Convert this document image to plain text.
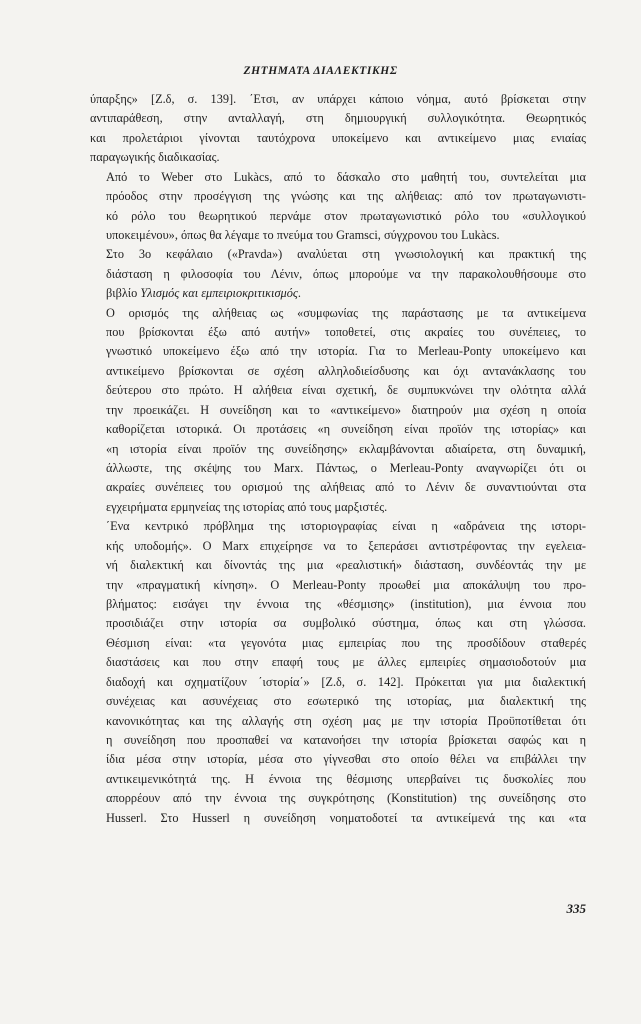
ΖΗΤΗΜΑΤΑ ΔΙΑΛΕΚΤΙΚΗΣ

ύπαρξης» [Ζ.δ, σ. 139]. ΄Ετσι, αν υπάρχει κάποιο νόημα, αυτό βρίσκεται στην
αντιπαράθεση, στην ανταλλαγή, στη δημιουργική συλλογικότητα. Θεωρητικός
και προλετάριοι γίνονται ταυτόχρονα υποκείμενο και αντικείμενο μιας ενιαίας
παραγωγικής διαδικασίας.

Από το Weber στο Lukàcs, από το δάσκαλο στο μαθητή του, συντελείται μια
πρόοδος στην προσέγγιση της γνώσης και της αλήθειας: από τον πρωταγωνιστι-
κό ρόλο του θεωρητικού περνάμε στον πρωταγωνιστικό ρόλο του «συλλογικού
υποκειμένου», όπως θα λέγαμε το πνεύμα του Gramsci, σύγχρονου του Lukàcs.

Στο 3ο κεφάλαιο («Pravda») αναλύεται στη γνωσιολογική και πρακτική της
διάσταση η φιλοσοφία του Λένιν, όπως μπορούμε να την παρακολουθήσουμε στο
βιβλίο Υλισμός και εμπειριοκριτικισμός.

Ο ορισμός της αλήθειας ως «συμφωνίας της παράστασης με τα αντικείμενα
που βρίσκονται έξω από αυτήν» τοποθετεί, στις ακραίες του συνέπειες, το
γνωστικό υποκείμενο έξω από την ιστορία. Για το Merleau-Ponty υποκείμενο και
αντικείμενο βρίσκονται σε σχέση αλληλοδιείσδυσης και όχι αντανάκλασης του
δεύτερου στο πρώτο. Η αλήθεια είναι σχετική, δε συμπυκνώνει την ολότητα αλλά
την προεικάζει. Η συνείδηση και το «αντικείμενο» διατηρούν μια σχέση η οποία
καθορίζεται ιστορικά. Οι προτάσεις «η συνείδηση είναι προϊόν της ιστορίας» και
«η ιστορία είναι προϊόν της συνείδησης» εκλαμβάνονται αδιαίρετα, στη δυναμική,
άλλωστε, της σκέψης του Marx. Πάντως, ο Merleau-Ponty αναγνωρίζει ότι οι
ακραίες συνέπειες του ορισμού της αλήθειας από το Λένιν δε συναντιούνται στα
εγχειρήματα ερμηνείας της ιστορίας από τους μαρξιστές.

΄Ενα κεντρικό πρόβλημα της ιστοριογραφίας είναι η «αδράνεια της ιστορι-
κής υποδομής». Ο Marx επιχείρησε να το ξεπεράσει αντιστρέφοντας την εγελεια-
νή διαλεκτική και δίνοντάς της μια «ρεαλιστική» διάσταση, συνδέοντάς την με
την «πραγματική κίνηση». Ο Merleau-Ponty προωθεί μια αποκάλυψη του προ-
βλήματος: εισάγει την έννοια της «θέσμισης» (institution), μια έννοια που
προσιδιάζει στην ιστορία σα συμβολικό σύστημα, όπως και στη γλώσσα.
Θέσμιση είναι: «τα γεγονότα μιας εμπειρίας που της προσδίδουν σταθερές
διαστάσεις και που στην επαφή τους με άλλες εμπειρίες σημασιοδοτούν μια
διαδοχή και σχηματίζουν ΄ιστορία΄» [Ζ.δ, σ. 142]. Πρόκειται για μια διαλεκτική
συνέχειας και ασυνέχειας στο εσωτερικό της ιστορίας, μια διαλεκτική της
κανονικότητας και της αλλαγής στη σχέση μας με την ιστορία Προϋποτίθεται ότι
η συνείδηση που προσπαθεί να κατανοήσει την ιστορία βρίσκεται σαφώς και η
ίδια μέσα στην ιστορία, μέσα στο γίγνεσθαι στο οποίο θέλει να επιβάλλει την
αντικειμενικότητά της. Η έννοια της θέσμισης υπερβαίνει τις δυσκολίες που
απορρέουν από την έννοια της συγκρότησης (Konstitution) της συνείδησης στο
Husserl. Στο Husserl η συνείδηση νοηματοδοτεί τα αντικείμενά της και «τα

335
